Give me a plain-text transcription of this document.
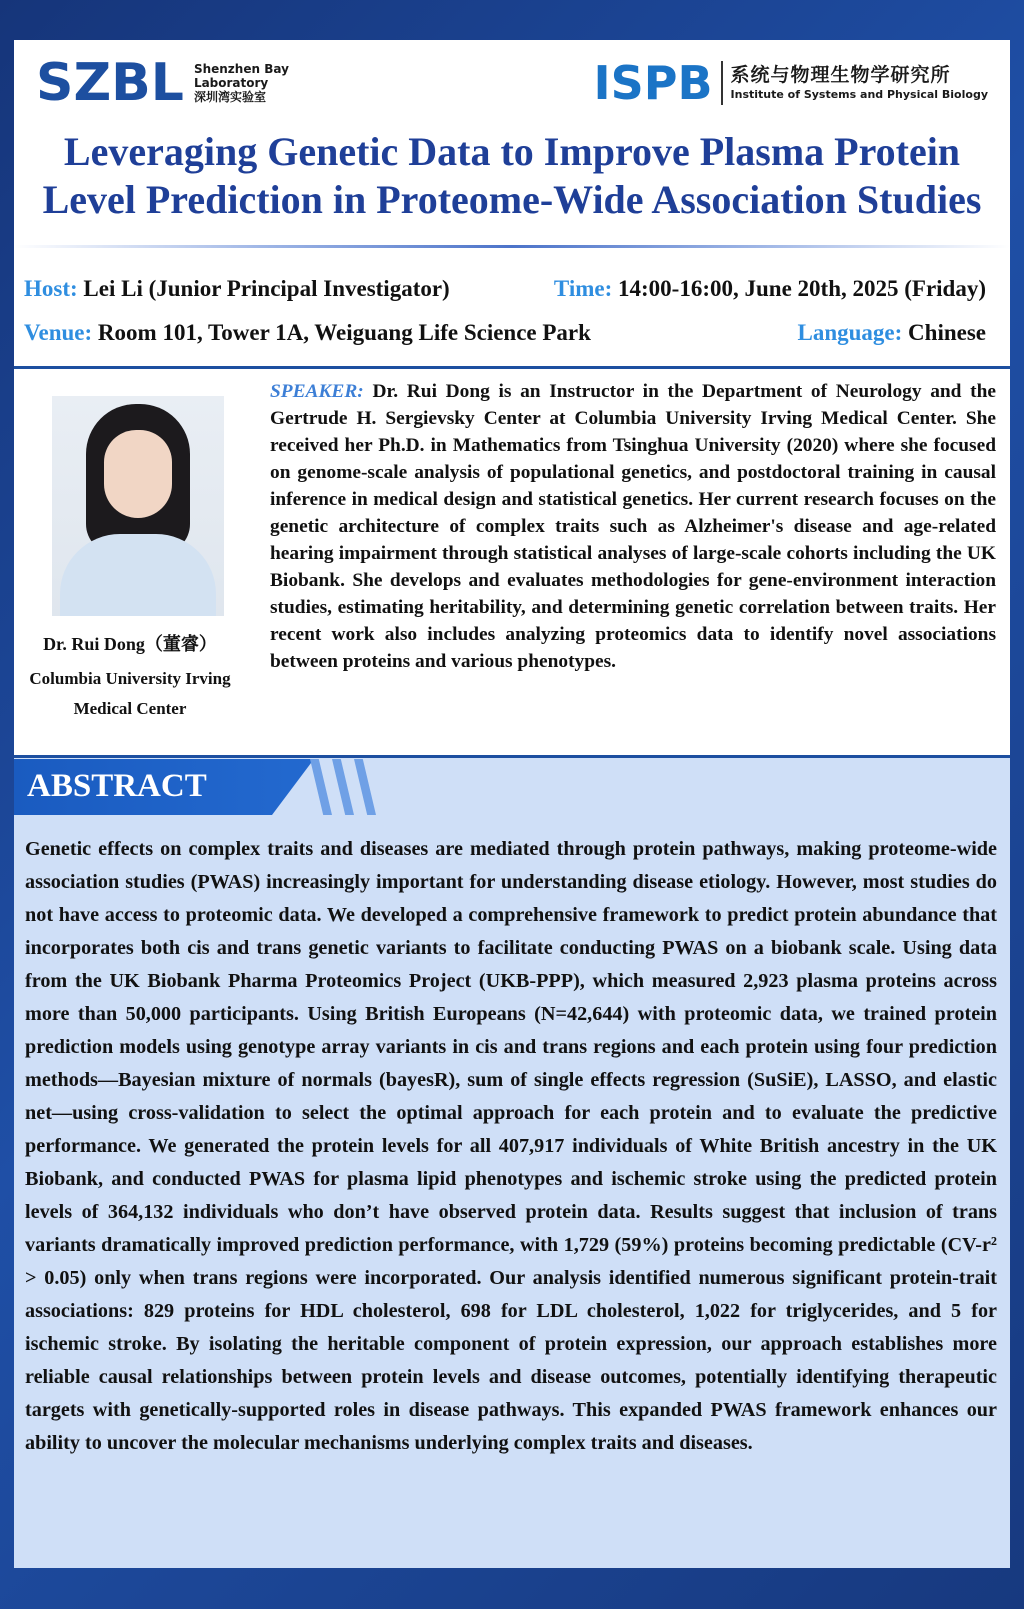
SZBL Shenzhen Bay
Laboratory
深圳湾实验室	ISPB 系统与物理生物学研究所
Institute of Systems and Physical Biology
Leveraging Genetic Data to Improve Plasma Protein
Level Prediction in Proteome-Wide Association Studies
Host: Lei Li (Junior Principal Investigator)	Time: 14:00-16:00, June 20th, 2025 (Friday)
Venue: Room 101, Tower 1A, Weiguang Life Science Park	Language: Chinese
Dr. Rui Dong（董睿）
Columbia University Irving
Medical Center
SPEAKER: Dr. Rui Dong is an Instructor in the Department of Neurology and the Gertrude H. Sergievsky Center at Columbia University Irving Medical Center. She received her Ph.D. in Mathematics from Tsinghua University (2020) where she focused on genome-scale analysis of populational genetics, and postdoctoral training in causal inference in medical design and statistical genetics. Her current research focuses on the genetic architecture of complex traits such as Alzheimer's disease and age-related hearing impairment through statistical analyses of large-scale cohorts including the UK Biobank. She develops and evaluates methodologies for gene-environment interaction studies, estimating heritability, and determining genetic correlation between traits. Her recent work also includes analyzing proteomics data to identify novel associations between proteins and various phenotypes.
ABSTRACT
Genetic effects on complex traits and diseases are mediated through protein pathways, making proteome-wide association studies (PWAS) increasingly important for understanding disease etiology. However, most studies do not have access to proteomic data. We developed a comprehensive framework to predict protein abundance that incorporates both cis and trans genetic variants to facilitate conducting PWAS on a biobank scale. Using data from the UK Biobank Pharma Proteomics Project (UKB-PPP), which measured 2,923 plasma proteins across more than 50,000 participants. Using British Europeans (N=42,644) with proteomic data, we trained protein prediction models using genotype array variants in cis and trans regions and each protein using four prediction methods—Bayesian mixture of normals (bayesR), sum of single effects regression (SuSiE), LASSO, and elastic net—using cross-validation to select the optimal approach for each protein and to evaluate the predictive performance. We generated the protein levels for all 407,917 individuals of White British ancestry in the UK Biobank, and conducted PWAS for plasma lipid phenotypes and ischemic stroke using the predicted protein levels of 364,132 individuals who don’t have observed protein data. Results suggest that inclusion of trans variants dramatically improved prediction performance, with 1,729 (59%) proteins becoming predictable (CV-r² > 0.05) only when trans regions were incorporated. Our analysis identified numerous significant protein-trait associations: 829 proteins for HDL cholesterol, 698 for LDL cholesterol, 1,022 for triglycerides, and 5 for ischemic stroke. By isolating the heritable component of protein expression, our approach establishes more reliable causal relationships between protein levels and disease outcomes, potentially identifying therapeutic targets with genetically-supported roles in disease pathways. This expanded PWAS framework enhances our ability to uncover the molecular mechanisms underlying complex traits and diseases.
